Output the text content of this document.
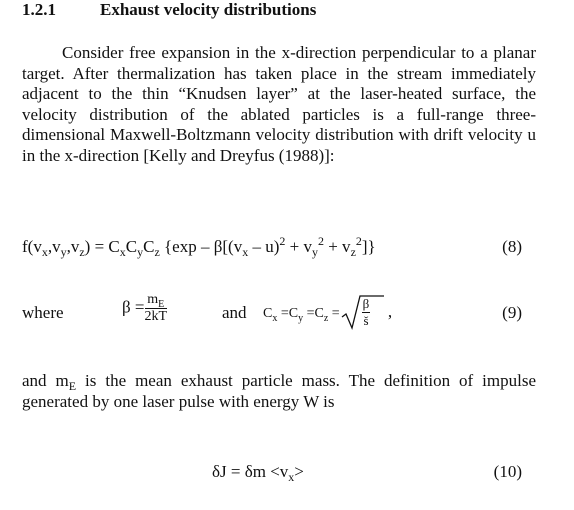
1.2.1	Exhaust velocity distributions
Consider free expansion in the x-direction perpendicular to a planar target. After thermalization has taken place in the stream immediately adjacent to the thin “Knudsen layer” at the laser-heated surface, the velocity distribution of the ablated particles is a full-range three-dimensional Maxwell-Boltzmann velocity distribution with drift velocity u in the x-direction [Kelly and Dreyfus (1988)]:
$f(v_x,v_y,v_z) = C_xC_yC_z$ $\{\exp - \beta[(v_x - u)^2 + v_y^2 + v_z^2]\}$	(8)
where	$\beta = \frac{m_E}{2kT}$	and $C_x =C_y =C_z = \frac{\beta}{š}$ ,	(9)
and $m_E$ is the mean exhaust particle mass. The definition of impulse generated by one laser pulse with energy W is
$\delta J = \delta m <v_x>$	(10)
